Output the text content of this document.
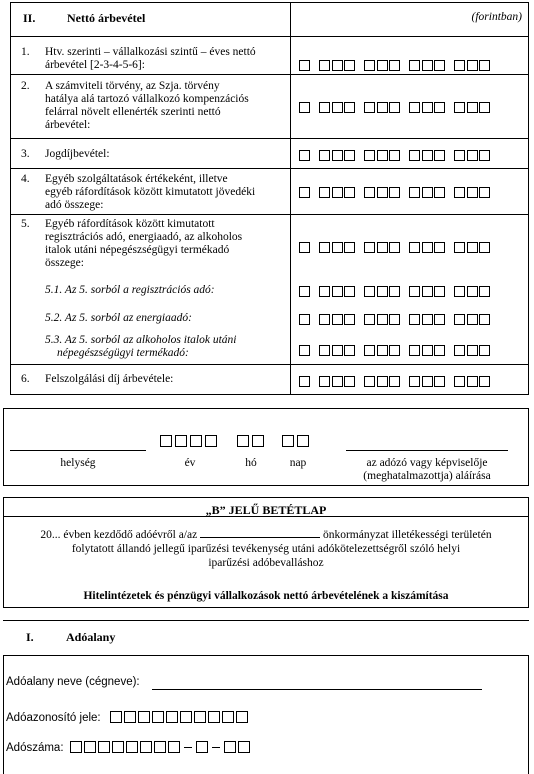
II.	Nettó árbevétel	(forintban)
1. Htv. szerinti – vállalkozási szintű – éves nettó
árbevétel [2-3-4-5-6]:
2. A számviteli törvény, az Szja. törvény
hatálya alá tartozó vállalkozó kompenzációs
felárral növelt ellenérték szerinti nettó
árbevétel:
3. Jogdíjbevétel:
4. Egyéb szolgáltatások értékeként, illetve
egyéb ráfordítások között kimutatott jövedéki
adó összege:
5. Egyéb ráfordítások között kimutatott
regisztrációs adó, energiaadó, az alkoholos
italok utáni népegészségügyi termékadó
összege:
5.1. Az 5. sorból a regisztrációs adó:
5.2. Az 5. sorból az energiaadó:
5.3. Az 5. sorból az alkoholos italok utáni
népegészségügyi termékadó:
6. Felszolgálási díj árbevétele:
helység	év	hó	nap	az adózó vagy képviselője
(meghatalmazottja) aláírása
„B” JELŰ BETÉTLAP
20... évben kezdődő adóévről a/az	önkormányzat illetékességi területén
folytatott állandó jellegű iparűzési tevékenység utáni adókötelezettségről szóló helyi
iparűzési adóbevalláshoz
Hitelintézetek és pénzügyi vállalkozások nettó árbevételének a kiszámítása
I.	Adóalany
Adóalany neve (cégneve):
Adóazonosító jele:
Adószáma:
